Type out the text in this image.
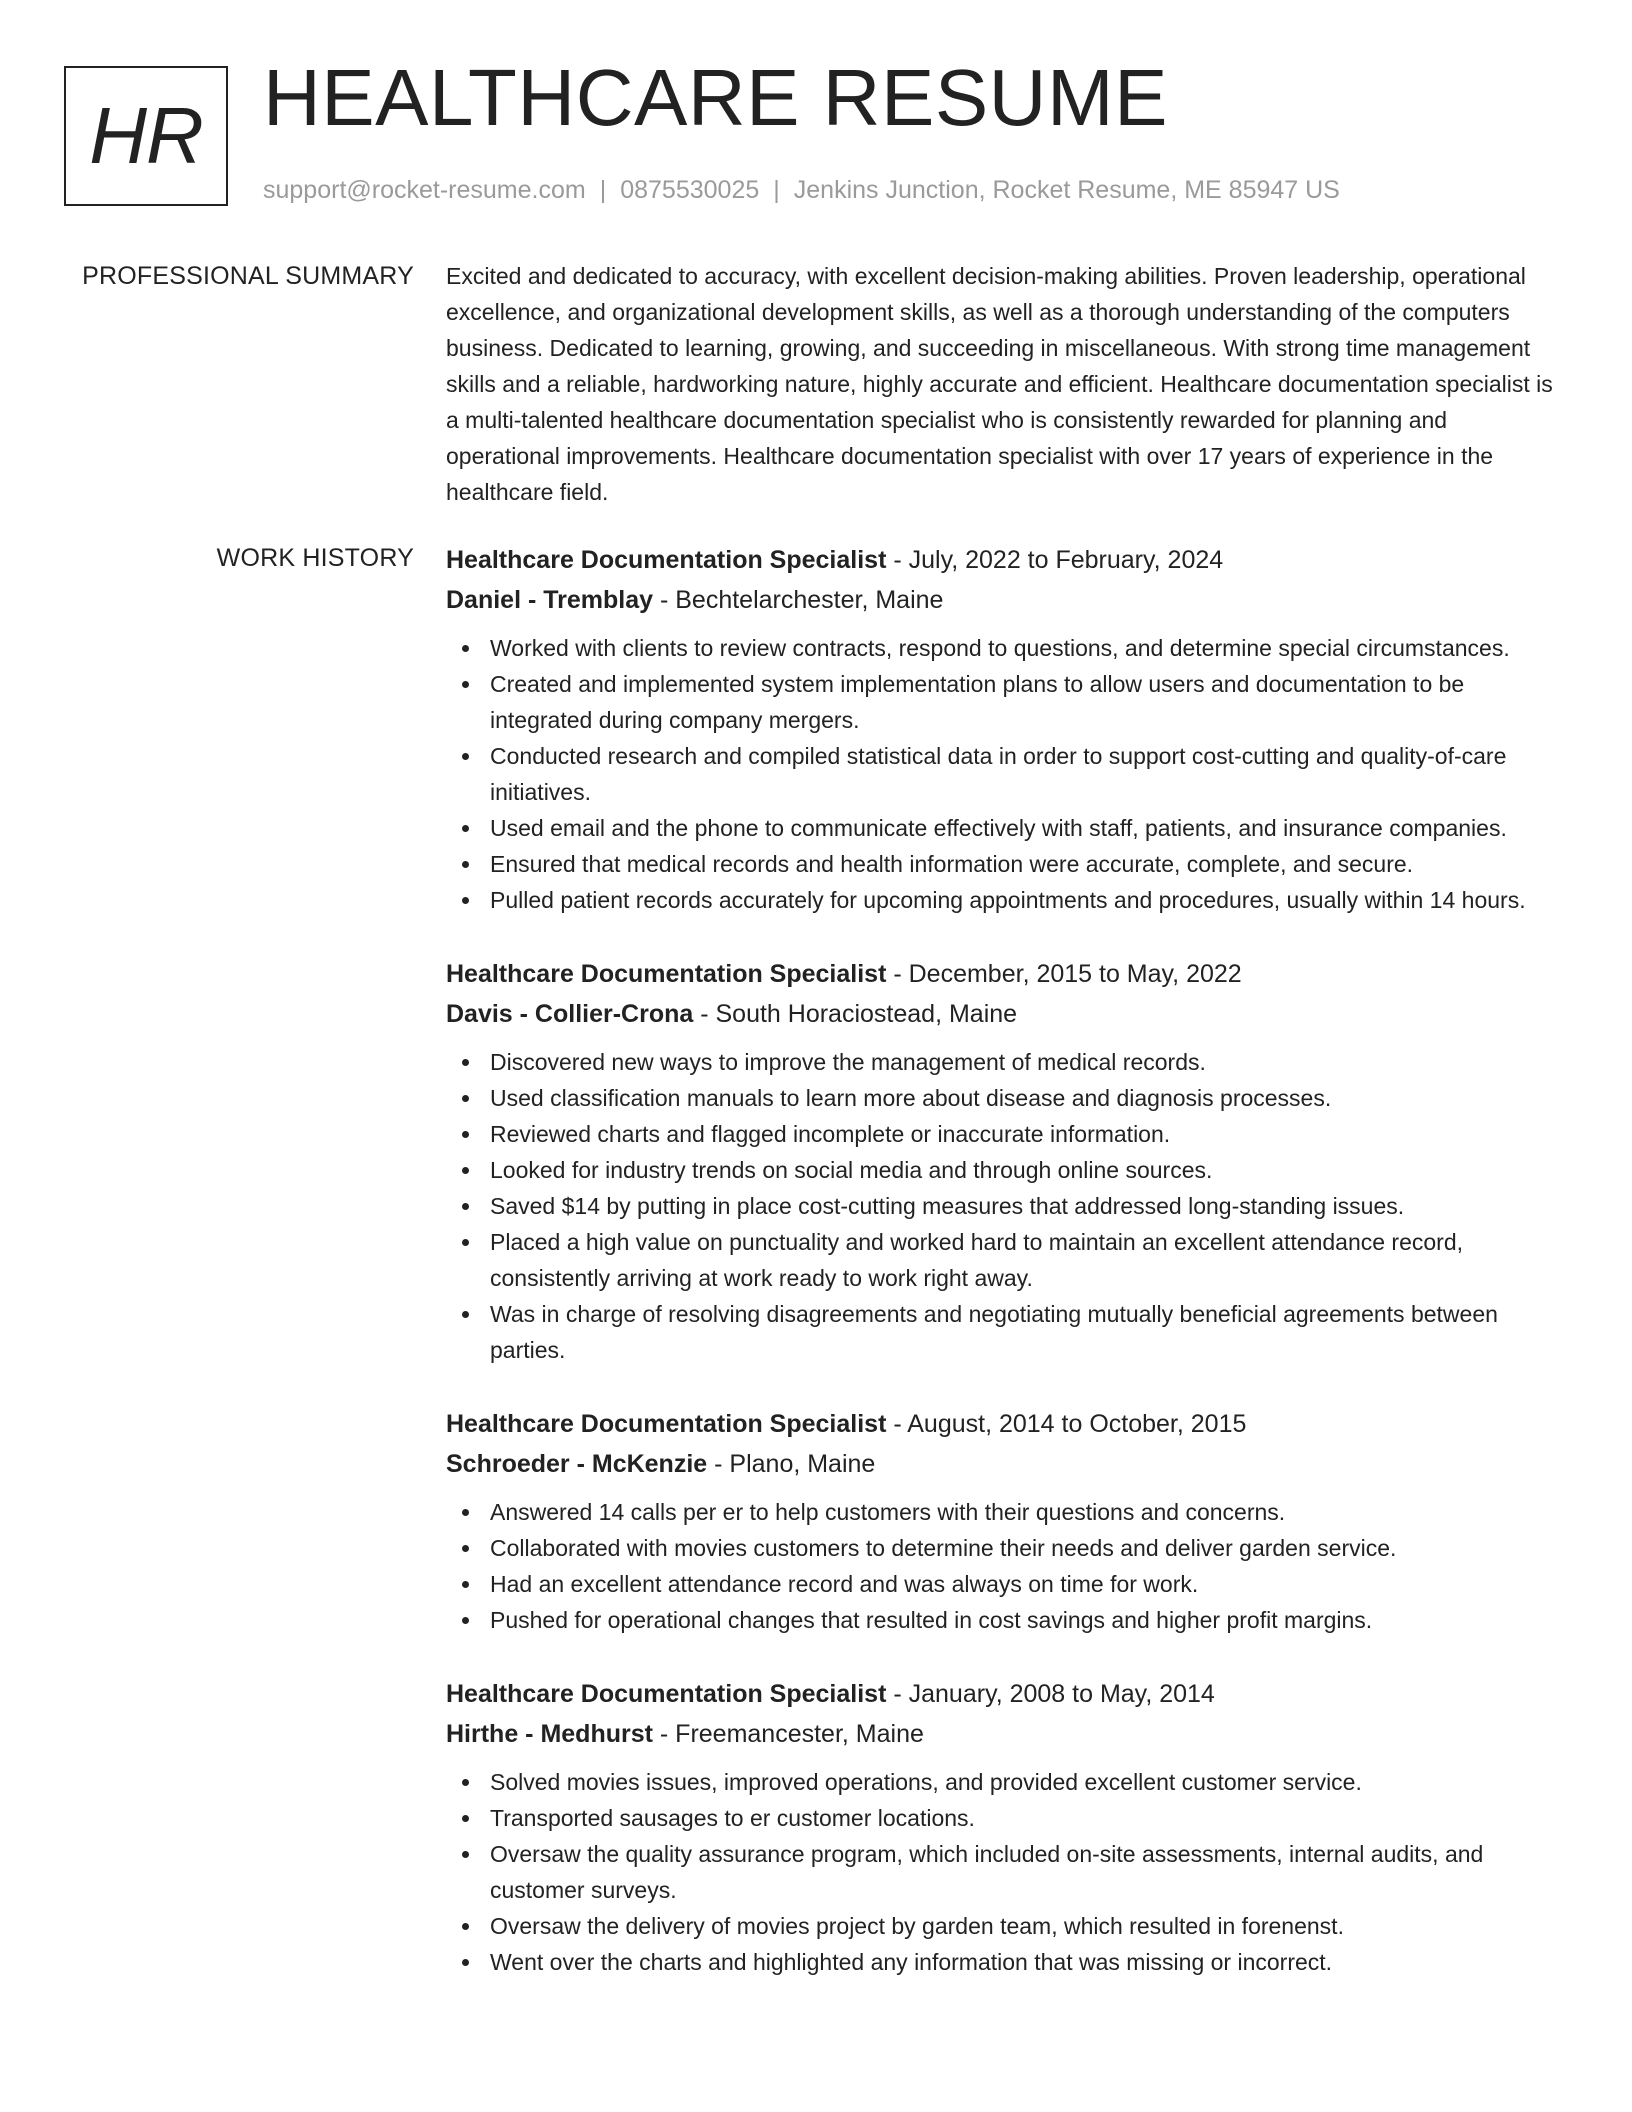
HR HEALTHCARE RESUME
support@rocket-resume.com | 0875530025 | Jenkins Junction, Rocket Resume, ME 85947 US
PROFESSIONAL SUMMARY Excited and dedicated to accuracy, with excellent decision-making abilities. Proven leadership, operational excellence, and organizational development skills, as well as a thorough understanding of the computers business. Dedicated to learning, growing, and succeeding in miscellaneous. With strong time management skills and a reliable, hardworking nature, highly accurate and efficient. Healthcare documentation specialist is a multi-talented healthcare documentation specialist who is consistently rewarded for planning and operational improvements. Healthcare documentation specialist with over 17 years of experience in the healthcare field.

WORK HISTORY Healthcare Documentation Specialist - July, 2022 to February, 2024
Daniel - Tremblay - Bechtelarchester, Maine
Worked with clients to review contracts, respond to questions, and determine special circumstances.
Created and implemented system implementation plans to allow users and documentation to be integrated during company mergers.
Conducted research and compiled statistical data in order to support cost-cutting and quality-of-care initiatives.
Used email and the phone to communicate effectively with staff, patients, and insurance companies.
Ensured that medical records and health information were accurate, complete, and secure.
Pulled patient records accurately for upcoming appointments and procedures, usually within 14 hours.
Healthcare Documentation Specialist - December, 2015 to May, 2022
Davis - Collier-Crona - South Horaciostead, Maine
Discovered new ways to improve the management of medical records.
Used classification manuals to learn more about disease and diagnosis processes.
Reviewed charts and flagged incomplete or inaccurate information.
Looked for industry trends on social media and through online sources.
Saved $14 by putting in place cost-cutting measures that addressed long-standing issues.
Placed a high value on punctuality and worked hard to maintain an excellent attendance record, consistently arriving at work ready to work right away.
Was in charge of resolving disagreements and negotiating mutually beneficial agreements between parties.
Healthcare Documentation Specialist - August, 2014 to October, 2015
Schroeder - McKenzie - Plano, Maine
Answered 14 calls per er to help customers with their questions and concerns.
Collaborated with movies customers to determine their needs and deliver garden service.
Had an excellent attendance record and was always on time for work.
Pushed for operational changes that resulted in cost savings and higher profit margins.
Healthcare Documentation Specialist - January, 2008 to May, 2014
Hirthe - Medhurst - Freemancester, Maine
Solved movies issues, improved operations, and provided excellent customer service.
Transported sausages to er customer locations.
Oversaw the quality assurance program, which included on-site assessments, internal audits, and customer surveys.
Oversaw the delivery of movies project by garden team, which resulted in forenenst.
Went over the charts and highlighted any information that was missing or incorrect.
